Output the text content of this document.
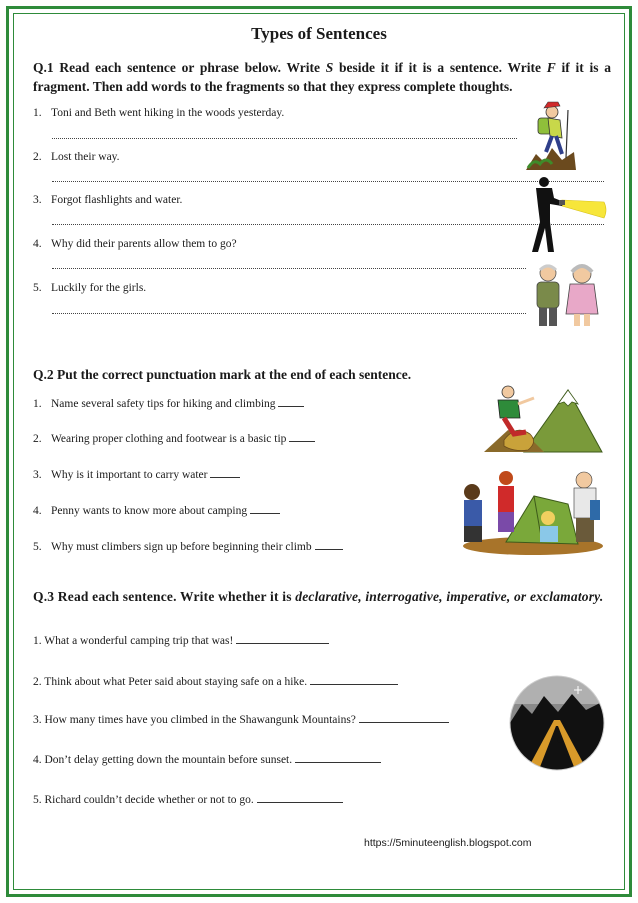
Types of Sentences
Q.1 Read each sentence or phrase below. Write S beside it if it is a sentence. Write F if it is a fragment. Then add words to the fragments so that they express complete thoughts.
1. Toni and Beth went hiking in the woods yesterday.
2. Lost their way.
3. Forgot flashlights and water.
4. Why did their parents allow them to go?
5. Luckily for the girls.
Q.2 Put the correct punctuation mark at the end of each sentence.
1. Name several safety tips for hiking and climbing
2. Wearing proper clothing and footwear is a basic tip
3. Why is it important to carry water
4. Penny wants to know more about camping
5. Why must climbers sign up before beginning their climb
Q.3 Read each sentence. Write whether it is declarative, interrogative, imperative, or exclamatory.
1. What a wonderful camping trip that was!
2. Think about what Peter said about staying safe on a hike.
3. How many times have you climbed in the Shawangunk Mountains?
4. Don’t delay getting down the mountain before sunset.
5. Richard couldn’t decide whether or not to go.
https://5minuteenglish.blogspot.com
